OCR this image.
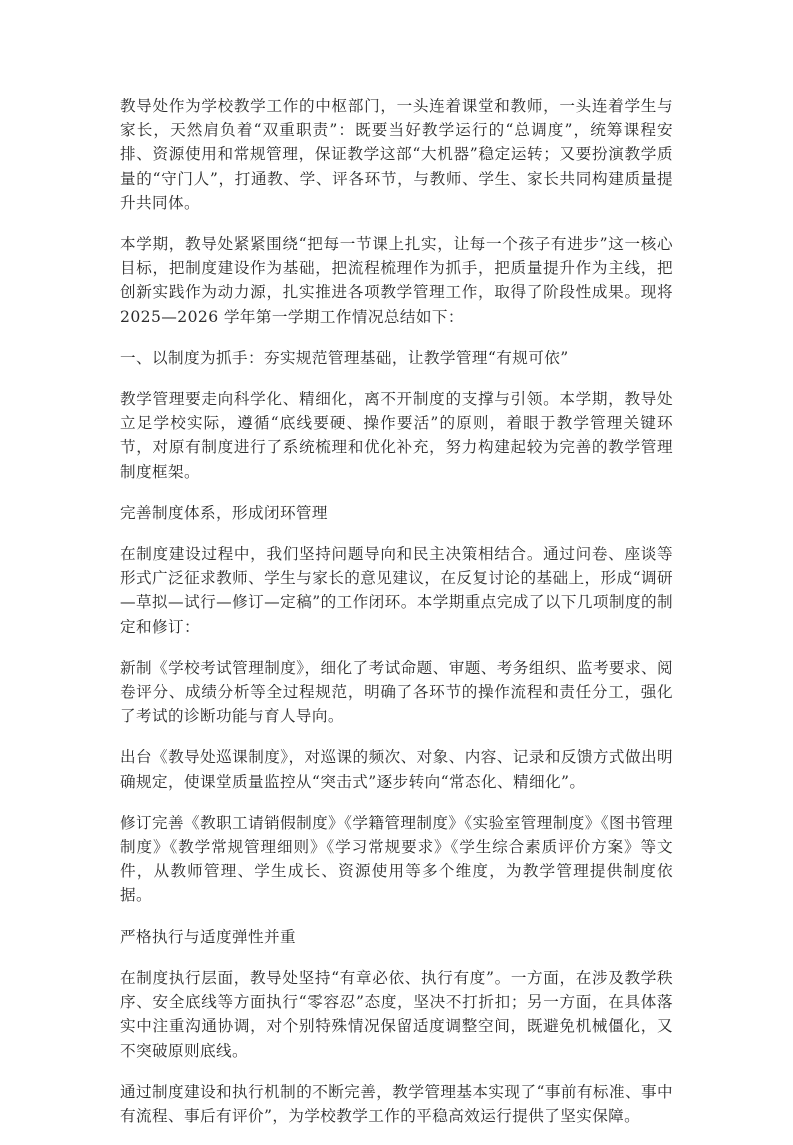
教导处作为学校教学工作的中枢部门，一头连着课堂和教师，一头连着学生与家长，天然肩负着“双重职责”：既要当好教学运行的“总调度”，统筹课程安排、资源使用和常规管理，保证教学这部“大机器”稳定运转；又要扮演教学质量的“守门人”，打通教、学、评各环节，与教师、学生、家长共同构建质量提升共同体。

本学期，教导处紧紧围绕“把每一节课上扎实，让每一个孩子有进步”这一核心目标，把制度建设作为基础，把流程梳理作为抓手，把质量提升作为主线，把创新实践作为动力源，扎实推进各项教学管理工作，取得了阶段性成果。现将 2025—2026 学年第一学期工作情况总结如下：

一、以制度为抓手：夯实规范管理基础，让教学管理“有规可依”

教学管理要走向科学化、精细化，离不开制度的支撑与引领。本学期，教导处立足学校实际，遵循“底线要硬、操作要活”的原则，着眼于教学管理关键环节，对原有制度进行了系统梳理和优化补充，努力构建起较为完善的教学管理制度框架。

完善制度体系，形成闭环管理

在制度建设过程中，我们坚持问题导向和民主决策相结合。通过问卷、座谈等形式广泛征求教师、学生与家长的意见建议，在反复讨论的基础上，形成“调研—草拟—试行—修订—定稿”的工作闭环。本学期重点完成了以下几项制度的制定和修订：

新制《学校考试管理制度》，细化了考试命题、审题、考务组织、监考要求、阅卷评分、成绩分析等全过程规范，明确了各环节的操作流程和责任分工，强化了考试的诊断功能与育人导向。

出台《教导处巡课制度》，对巡课的频次、对象、内容、记录和反馈方式做出明确规定，使课堂质量监控从“突击式”逐步转向“常态化、精细化”。

修订完善《教职工请销假制度》《学籍管理制度》《实验室管理制度》《图书管理制度》《教学常规管理细则》《学习常规要求》《学生综合素质评价方案》等文件，从教师管理、学生成长、资源使用等多个维度，为教学管理提供制度依据。

严格执行与适度弹性并重

在制度执行层面，教导处坚持“有章必依、执行有度”。一方面，在涉及教学秩序、安全底线等方面执行“零容忍”态度，坚决不打折扣；另一方面，在具体落实中注重沟通协调，对个别特殊情况保留适度调整空间，既避免机械僵化，又不突破原则底线。

通过制度建设和执行机制的不断完善，教学管理基本实现了“事前有标准、事中有流程、事后有评价”，为学校教学工作的平稳高效运行提供了坚实保障。
